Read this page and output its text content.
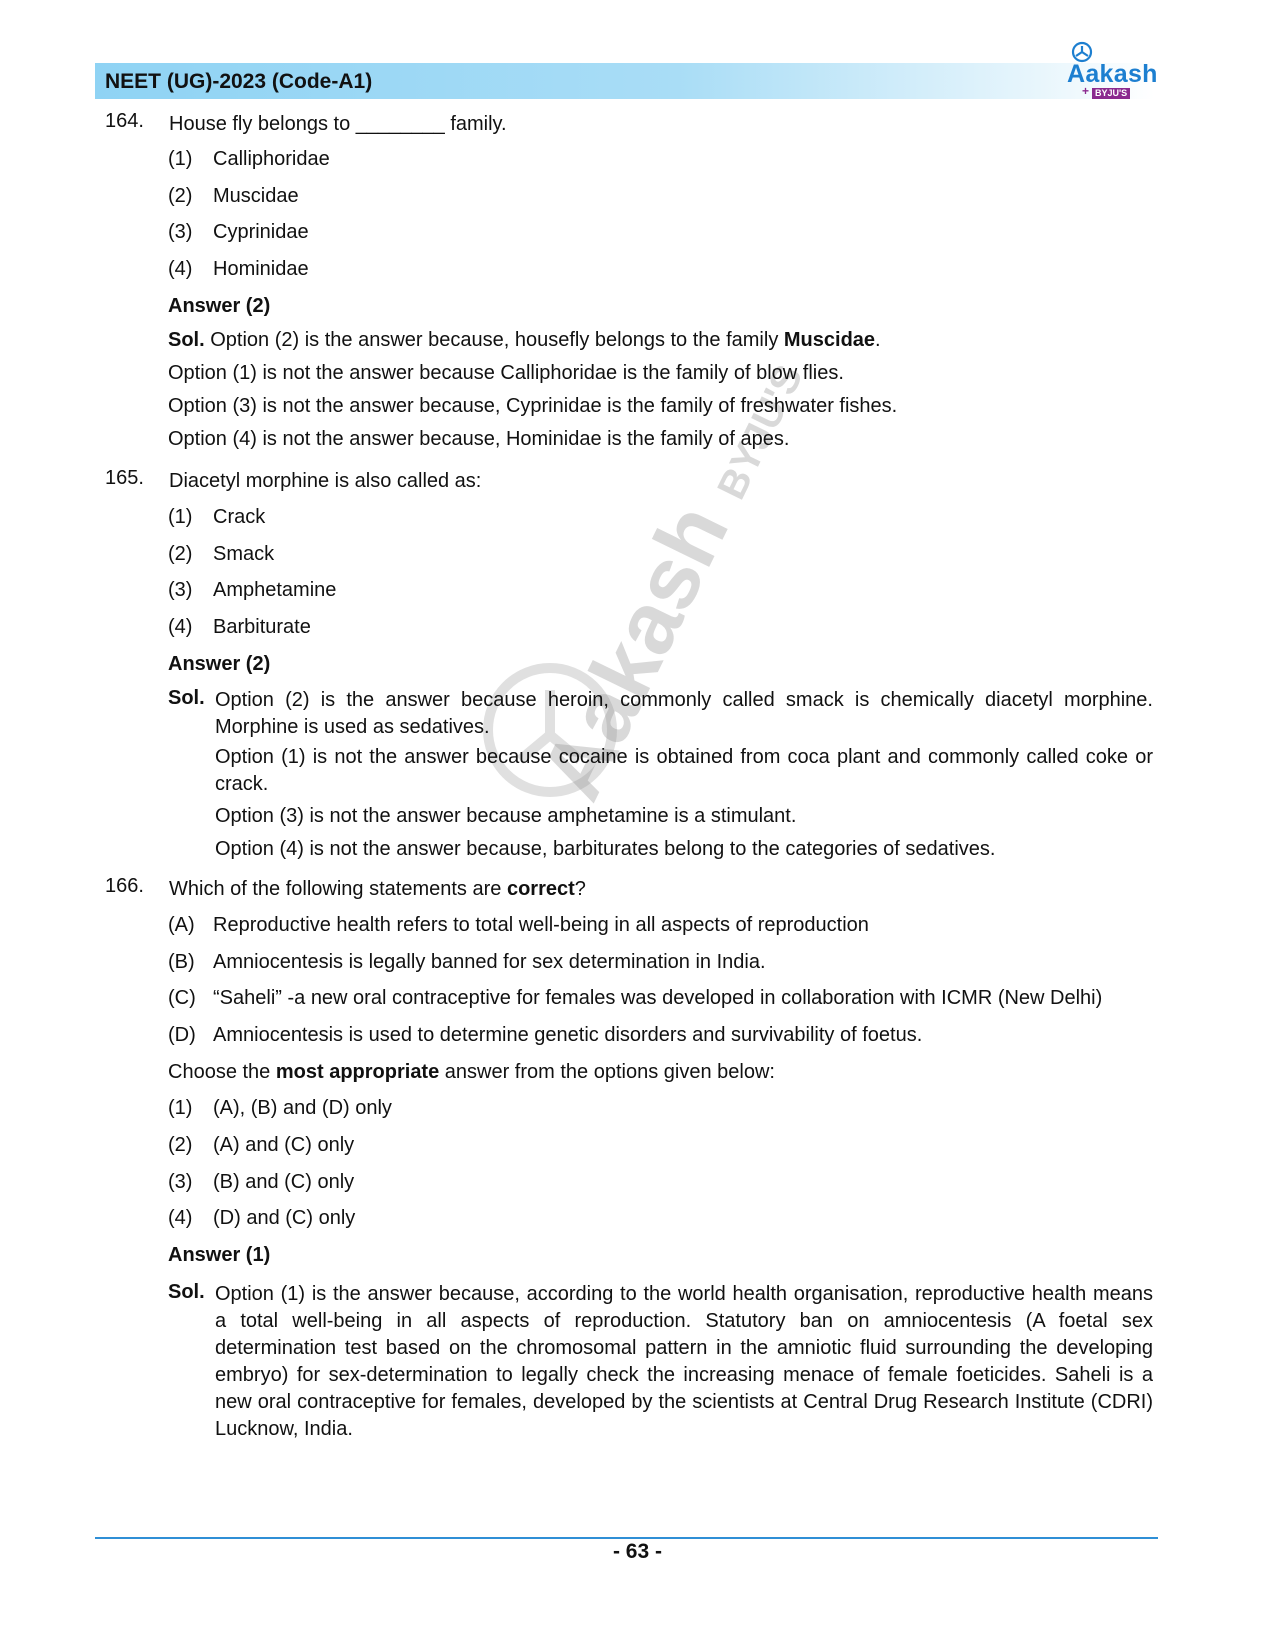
NEET (UG)-2023 (Code-A1)	Aakash
+ BYJU'S
Aakash BYJU'S
164. House fly belongs to ________ family.
(1) Calliphoridae
(2) Muscidae
(3) Cyprinidae
(4) Hominidae
Answer (2)
Sol. Option (2) is the answer because, housefly belongs to the family Muscidae.
Option (1) is not the answer because Calliphoridae is the family of blow flies.
Option (3) is not the answer because, Cyprinidae is the family of freshwater fishes.
Option (4) is not the answer because, Hominidae is the family of apes.
165. Diacetyl morphine is also called as:
(1) Crack
(2) Smack
(3) Amphetamine
(4) Barbiturate
Answer (2)
Sol. Option (2) is the answer because heroin, commonly called smack is chemically diacetyl morphine. Morphine is used as sedatives.
Option (1) is not the answer because cocaine is obtained from coca plant and commonly called coke or crack.
Option (3) is not the answer because amphetamine is a stimulant.
Option (4) is not the answer because, barbiturates belong to the categories of sedatives.
166. Which of the following statements are correct?
(A) Reproductive health refers to total well-being in all aspects of reproduction
(B) Amniocentesis is legally banned for sex determination in India.
(C) “Saheli” -a new oral contraceptive for females was developed in collaboration with ICMR (New Delhi)
(D) Amniocentesis is used to determine genetic disorders and survivability of foetus.
Choose the most appropriate answer from the options given below:
(1) (A), (B) and (D) only
(2) (A) and (C) only
(3) (B) and (C) only
(4) (D) and (C) only
Answer (1)
Sol. Option (1) is the answer because, according to the world health organisation, reproductive health means a total well-being in all aspects of reproduction. Statutory ban on amniocentesis (A foetal sex determination test based on the chromosomal pattern in the amniotic fluid surrounding the developing embryo) for sex-determination to legally check the increasing menace of female foeticides. Saheli is a new oral contraceptive for females, developed by the scientists at Central Drug Research Institute (CDRI) Lucknow, India.
- 63 -
